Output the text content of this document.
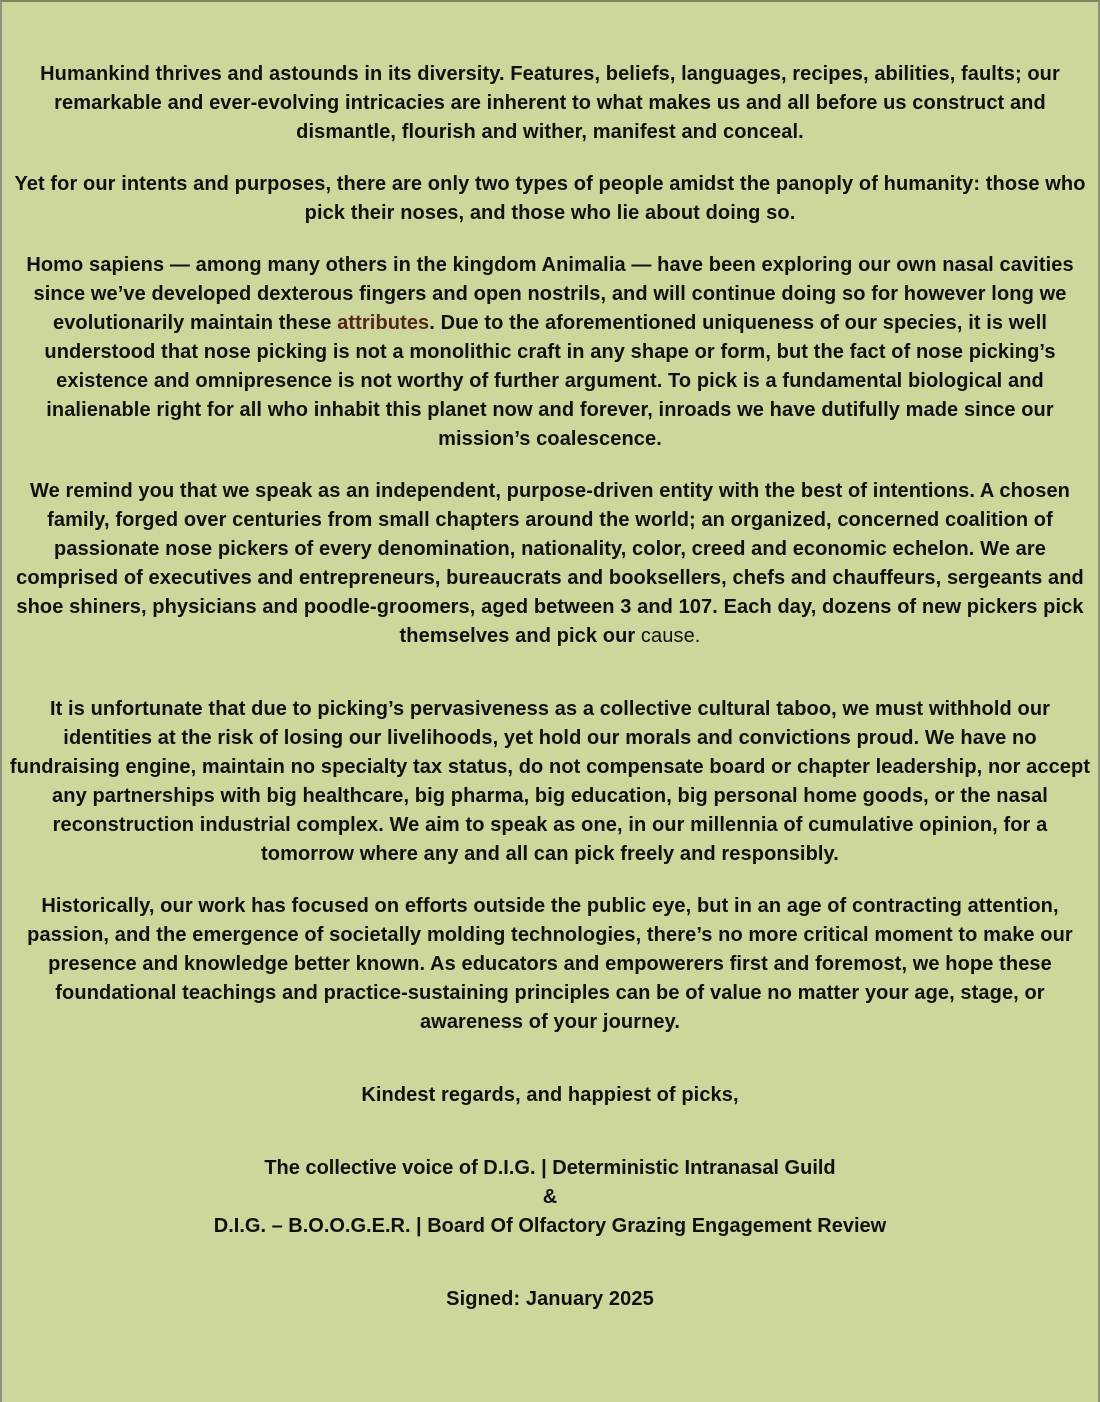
Humankind thrives and astounds in its diversity. Features, beliefs, languages, recipes, abilities, faults; our remarkable and ever-evolving intricacies are inherent to what makes us and all before us construct and dismantle, flourish and wither, manifest and conceal.

Yet for our intents and purposes, there are only two types of people amidst the panoply of humanity: those who pick their noses, and those who lie about doing so.

Homo sapiens — among many others in the kingdom Animalia — have been exploring our own nasal cavities since we’ve developed dexterous fingers and open nostrils, and will continue doing so for however long we evolutionarily maintain these attributes. Due to the aforementioned uniqueness of our species, it is well understood that nose picking is not a monolithic craft in any shape or form, but the fact of nose picking’s existence and omnipresence is not worthy of further argument. To pick is a fundamental biological and inalienable right for all who inhabit this planet now and forever, inroads we have dutifully made since our mission’s coalescence.

We remind you that we speak as an independent, purpose-driven entity with the best of intentions. A chosen family, forged over centuries from small chapters around the world; an organized, concerned coalition of passionate nose pickers of every denomination, nationality, color, creed and economic echelon. We are comprised of executives and entrepreneurs, bureaucrats and booksellers, chefs and chauffeurs, sergeants and shoe shiners, physicians and poodle-groomers, aged between 3 and 107. Each day, dozens of new pickers pick themselves and pick our cause.

It is unfortunate that due to picking’s pervasiveness as a collective cultural taboo, we must withhold our identities at the risk of losing our livelihoods, yet hold our morals and convictions proud. We have no fundraising engine, maintain no specialty tax status, do not compensate board or chapter leadership, nor accept any partnerships with big healthcare, big pharma, big education, big personal home goods, or the nasal reconstruction industrial complex. We aim to speak as one, in our millennia of cumulative opinion, for a tomorrow where any and all can pick freely and responsibly.

Historically, our work has focused on efforts outside the public eye, but in an age of contracting attention, passion, and the emergence of societally molding technologies, there’s no more critical moment to make our presence and knowledge better known. As educators and empowerers first and foremost, we hope these foundational teachings and practice-sustaining principles can be of value no matter your age, stage, or awareness of your journey.

Kindest regards, and happiest of picks,

The collective voice of D.I.G. | Deterministic Intranasal Guild
&
D.I.G. – B.O.O.G.E.R. | Board Of Olfactory Grazing Engagement Review

Signed: January 2025
